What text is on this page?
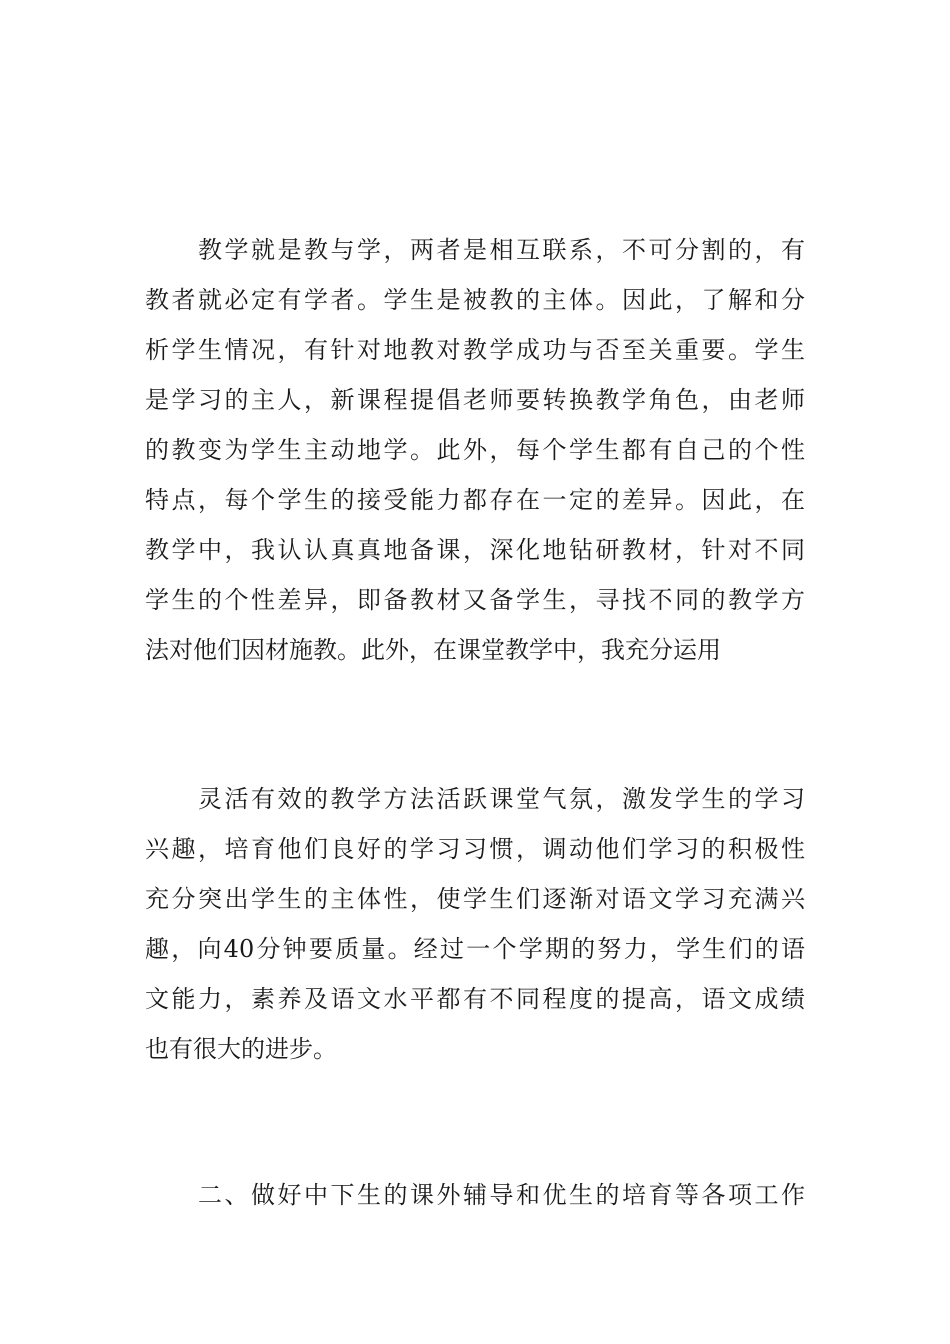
教学就是教与学，两者是相互联系，不可分割的，有
教者就必定有学者。学生是被教的主体。因此，了解和分
析学生情况，有针对地教对教学成功与否至关重要。学生
是学习的主人，新课程提倡老师要转换教学角色，由老师
的教变为学生主动地学。此外，每个学生都有自己的个性
特点，每个学生的接受能力都存在一定的差异。因此，在
教学中，我认认真真地备课，深化地钻研教材，针对不同
学生的个性差异，即备教材又备学生，寻找不同的教学方
法对他们因材施教。此外，在课堂教学中，我充分运用
灵活有效的教学方法活跃课堂气氛，激发学生的学习
兴趣，培育他们良好的学习习惯，调动他们学习的积极性
充分突出学生的主体性，使学生们逐渐对语文学习充满兴
趣，向40分钟要质量。经过一个学期的努力，学生们的语
文能力，素养及语文水平都有不同程度的提高，语文成绩
也有很大的进步。
二、做好中下生的课外辅导和优生的培育等各项工作
